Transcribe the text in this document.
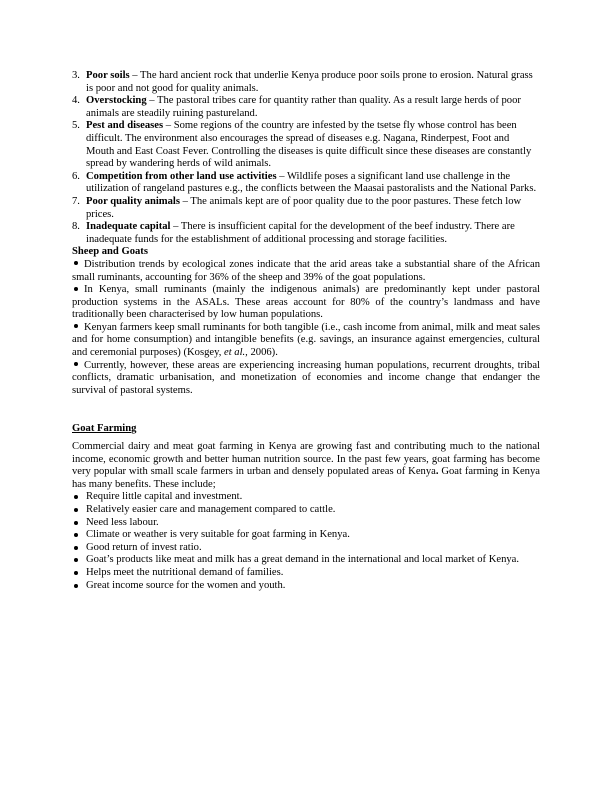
3. Poor soils – The hard ancient rock that underlie Kenya produce poor soils prone to erosion. Natural grass is poor and not good for quality animals.
4. Overstocking – The pastoral tribes care for quantity rather than quality. As a result large herds of poor animals are steadily ruining pastureland.
5. Pest and diseases – Some regions of the country are infested by the tsetse fly whose control has been difficult. The environment also encourages the spread of diseases e.g. Nagana, Rinderpest, Foot and Mouth and East Coast Fever. Controlling the diseases is quite difficult since these diseases are constantly spread by wandering herds of wild animals.
6. Competition from other land use activities – Wildlife poses a significant land use challenge in the utilization of rangeland pastures e.g., the conflicts between the Maasai pastoralists and the National Parks.
7. Poor quality animals – The animals kept are of poor quality due to the poor pastures. These fetch low prices.
8. Inadequate capital – There is insufficient capital for the development of the beef industry. There are inadequate funds for the establishment of additional processing and storage facilities.

Sheep and Goats

Distribution trends by ecological zones indicate that the arid areas take a substantial share of the African small ruminants, accounting for 36% of the sheep and 39% of the goat populations.

In Kenya, small ruminants (mainly the indigenous animals) are predominantly kept under pastoral production systems in the ASALs. These areas account for 80% of the country’s landmass and have traditionally been characterised by low human populations.

Kenyan farmers keep small ruminants for both tangible (i.e., cash income from animal, milk and meat sales and for home consumption) and intangible benefits (e.g. savings, an insurance against emergencies, cultural and ceremonial purposes) (Kosgey, et al., 2006).

Currently, however, these areas are experiencing increasing human populations, recurrent droughts, tribal conflicts, dramatic urbanisation, and monetization of economies and income change that endanger the survival of pastoral systems.

Goat Farming

Commercial dairy and meat goat farming in Kenya are growing fast and contributing much to the national income, economic growth and better human nutrition source. In the past few years, goat farming has become very popular with small scale farmers in urban and densely populated areas of Kenya. Goat farming in Kenya has many benefits. These include;

Require little capital and investment.
Relatively easier care and management compared to cattle.
Need less labour.
Climate or weather is very suitable for goat farming in Kenya.
Good return of invest ratio.
Goat’s products like meat and milk has a great demand in the international and local market of Kenya.
Helps meet the nutritional demand of families.
Great income source for the women and youth.
